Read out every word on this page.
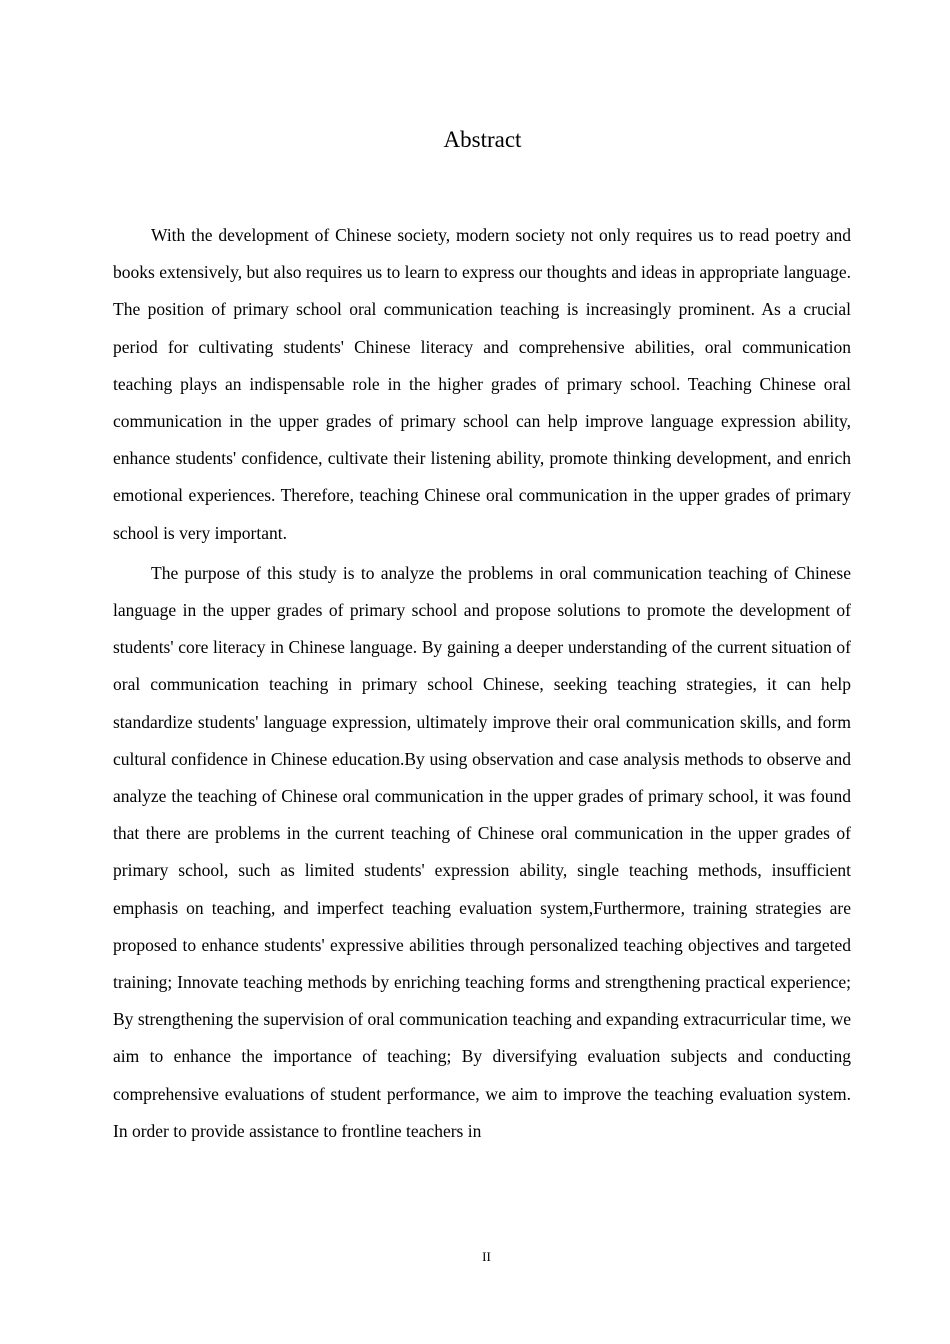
Abstract

With the development of Chinese society, modern society not only requires us to read poetry and books extensively, but also requires us to learn to express our thoughts and ideas in appropriate language. The position of primary school oral communication teaching is increasingly prominent. As a crucial period for cultivating students' Chinese literacy and comprehensive abilities, oral communication teaching plays an indispensable role in the higher grades of primary school. Teaching Chinese oral communication in the upper grades of primary school can help improve language expression ability, enhance students' confidence, cultivate their listening ability, promote thinking development, and enrich emotional experiences. Therefore, teaching Chinese oral communication in the upper grades of primary school is very important.

The purpose of this study is to analyze the problems in oral communication teaching of Chinese language in the upper grades of primary school and propose solutions to promote the development of students' core literacy in Chinese language. By gaining a deeper understanding of the current situation of oral communication teaching in primary school Chinese, seeking teaching strategies, it can help standardize students' language expression, ultimately improve their oral communication skills, and form cultural confidence in Chinese education.By using observation and case analysis methods to observe and analyze the teaching of Chinese oral communication in the upper grades of primary school, it was found that there are problems in the current teaching of Chinese oral communication in the upper grades of primary school, such as limited students' expression ability, single teaching methods, insufficient emphasis on teaching, and imperfect teaching evaluation system,Furthermore, training strategies are proposed to enhance students' expressive abilities through personalized teaching objectives and targeted training; Innovate teaching methods by enriching teaching forms and strengthening practical experience; By strengthening the supervision of oral communication teaching and expanding extracurricular time, we aim to enhance the importance of teaching; By diversifying evaluation subjects and conducting comprehensive evaluations of student performance, we aim to improve the teaching evaluation system. In order to provide assistance to frontline teachers in

II
